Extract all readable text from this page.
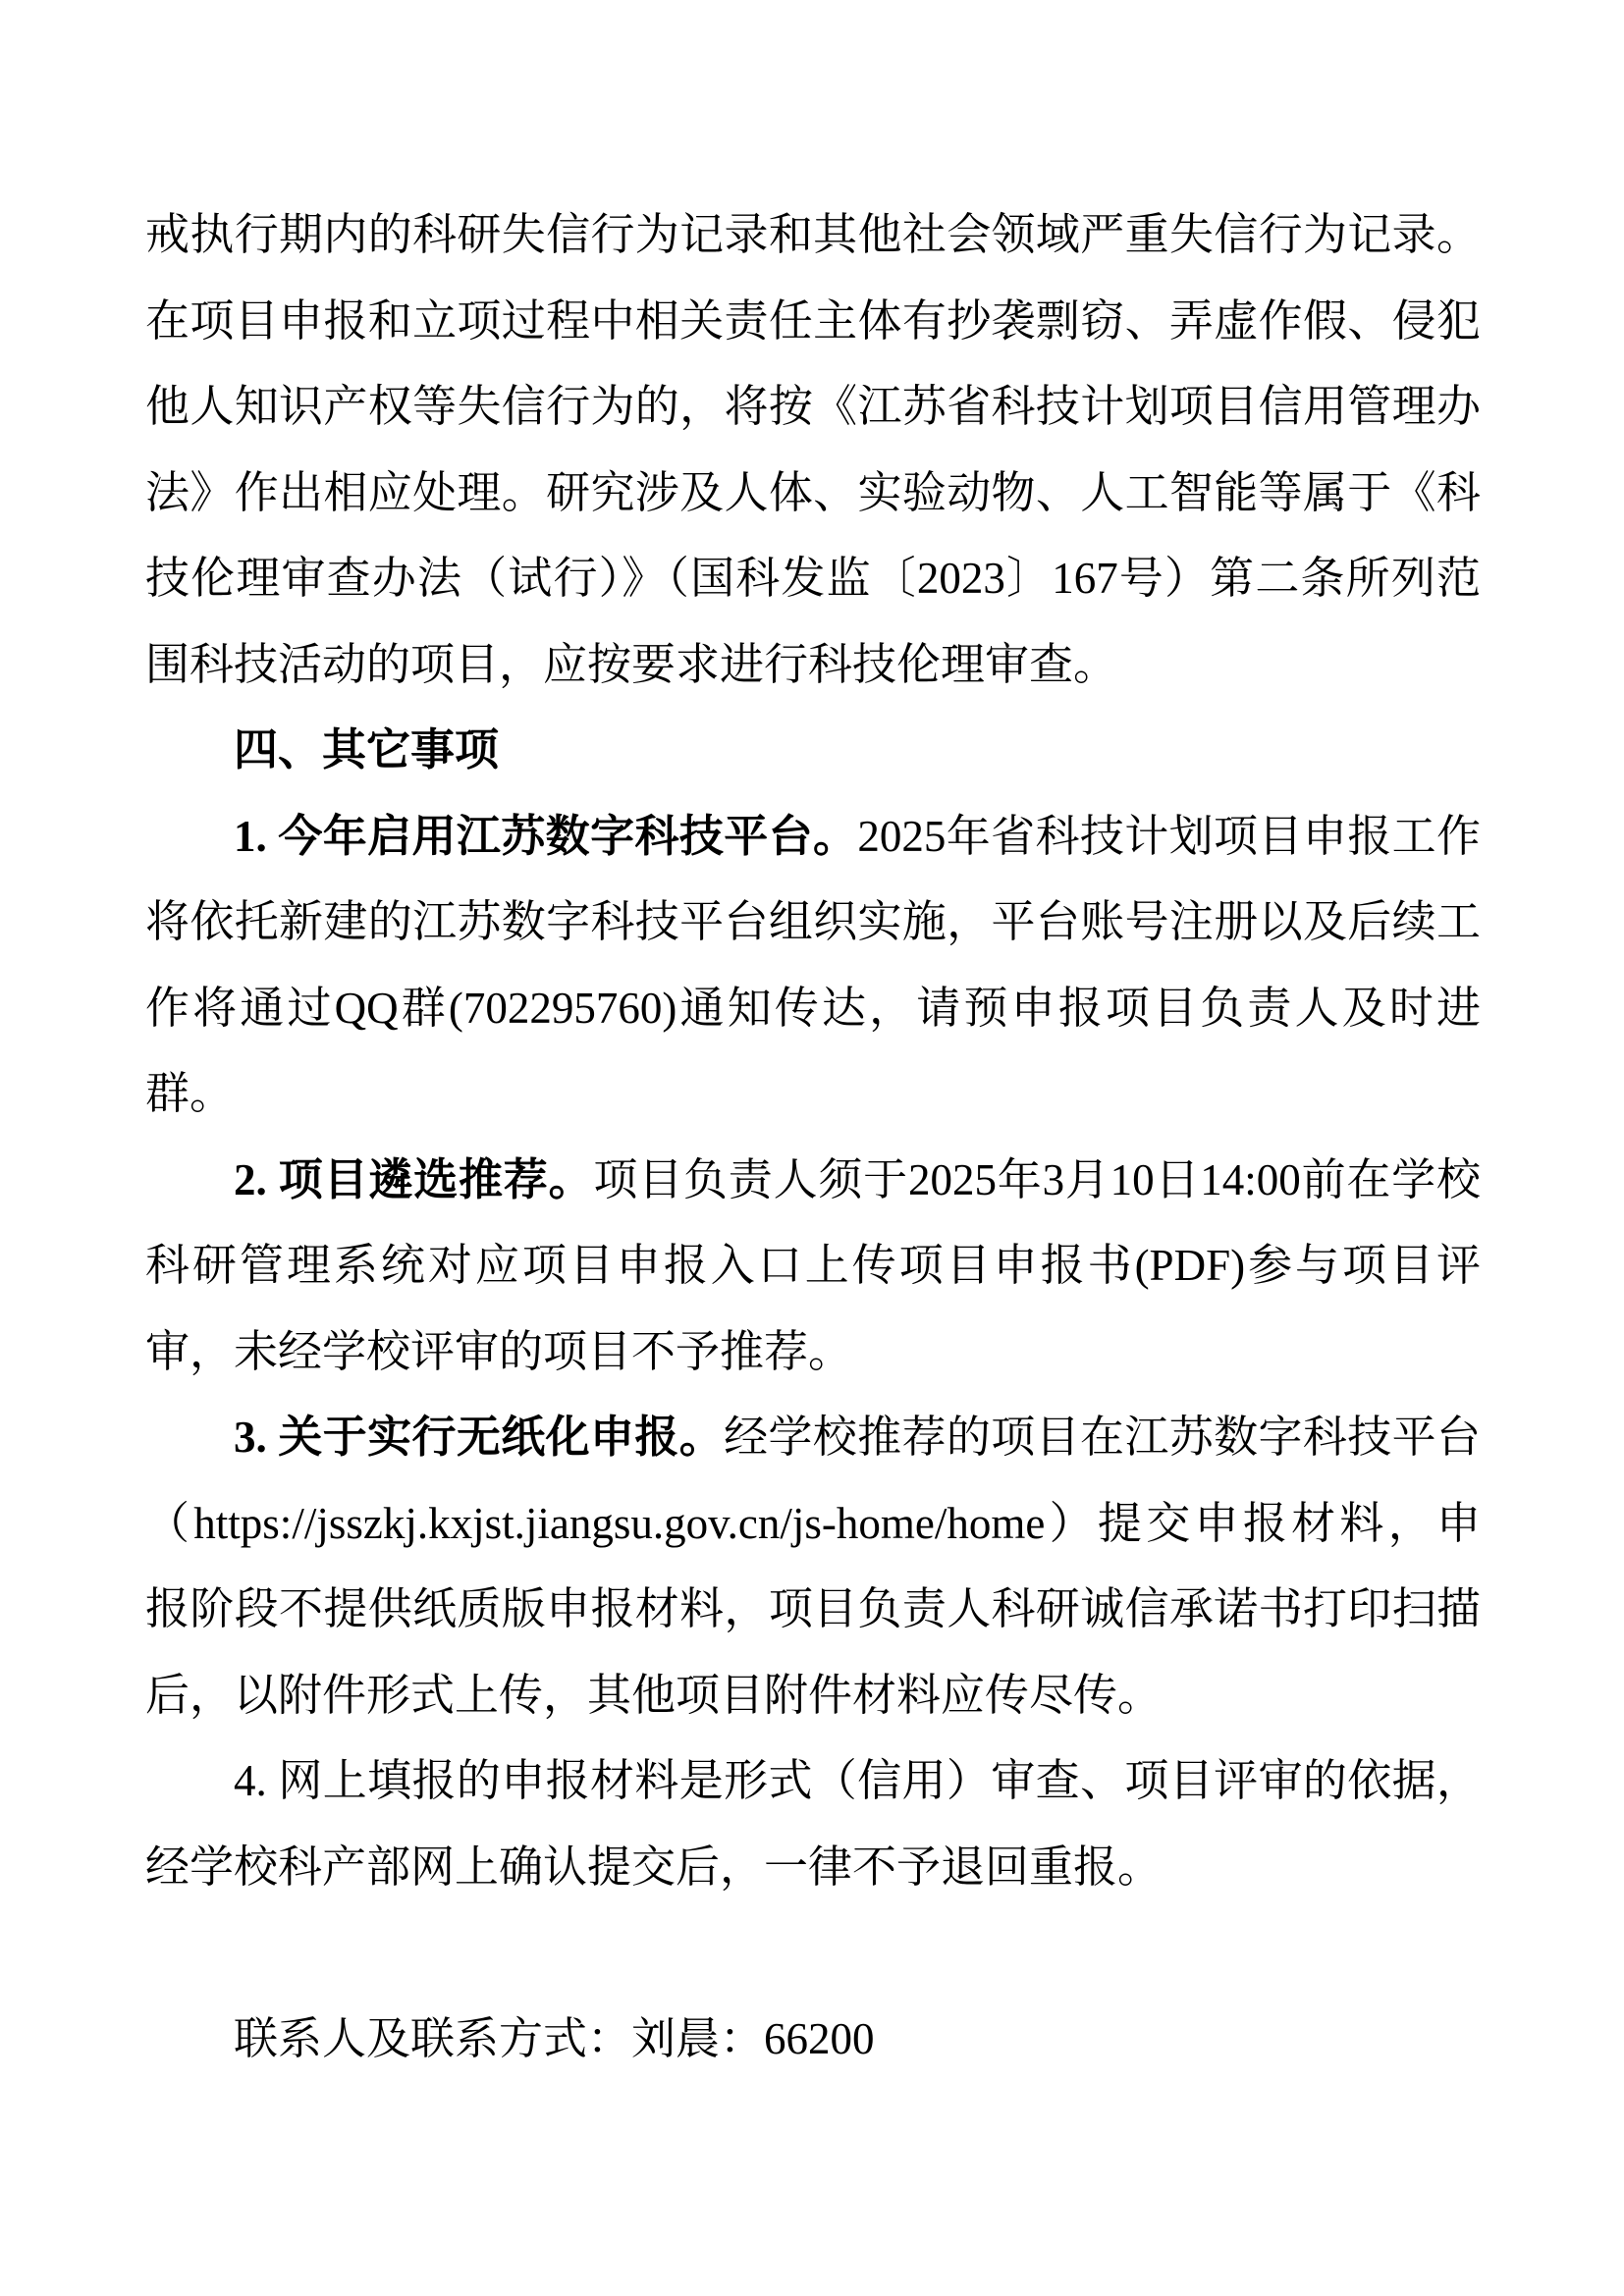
戒执行期内的科研失信行为记录和其他社会领域严重失信行为记录。在项目申报和立项过程中相关责任主体有抄袭剽窃、弄虚作假、侵犯他人知识产权等失信行为的，将按《江苏省科技计划项目信用管理办法》作出相应处理。研究涉及人体、实验动物、人工智能等属于《科技伦理审查办法（试行）》（国科发监〔2023〕167号）第二条所列范围科技活动的项目，应按要求进行科技伦理审查。

四、其它事项

1. 今年启用江苏数字科技平台。2025年省科技计划项目申报工作将依托新建的江苏数字科技平台组织实施，平台账号注册以及后续工作将通过QQ群(702295760)通知传达，请预申报项目负责人及时进群。

2. 项目遴选推荐。项目负责人须于2025年3月10日14:00前在学校科研管理系统对应项目申报入口上传项目申报书(PDF)参与项目评审，未经学校评审的项目不予推荐。

3. 关于实行无纸化申报。经学校推荐的项目在江苏数字科技平台（https://jsszkj.kxjst.jiangsu.gov.cn/js-home/home）提交申报材料，申报阶段不提供纸质版申报材料，项目负责人科研诚信承诺书打印扫描后，以附件形式上传，其他项目附件材料应传尽传。

4. 网上填报的申报材料是形式（信用）审查、项目评审的依据，经学校科产部网上确认提交后，一律不予退回重报。

联系人及联系方式：刘晨：66200
